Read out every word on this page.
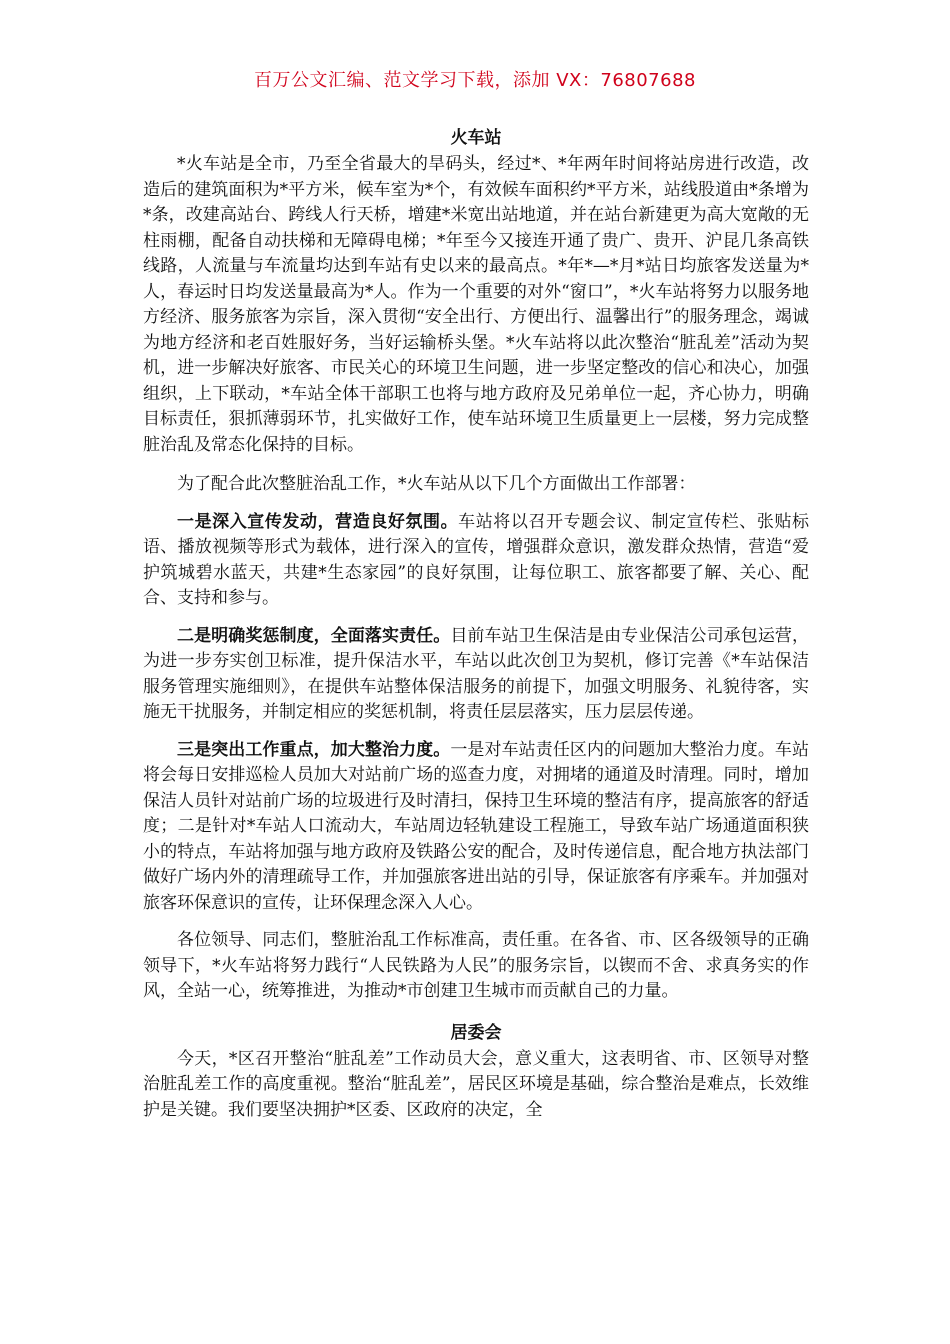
百万公文汇编、范文学习下载，添加 VX：76807688
火车站

*火车站是全市，乃至全省最大的旱码头，经过*、*年两年时间将站房进行改造，改造后的建筑面积为*平方米，候车室为*个，有效候车面积约*平方米，站线股道由*条增为*条，改建高站台、跨线人行天桥，增建*米宽出站地道，并在站台新建更为高大宽敞的无柱雨棚，配备自动扶梯和无障碍电梯；*年至今又接连开通了贵广、贵开、沪昆几条高铁线路，人流量与车流量均达到车站有史以来的最高点。*年*—*月*站日均旅客发送量为*人，春运时日均发送量最高为*人。作为一个重要的对外“窗口”，*火车站将努力以服务地方经济、服务旅客为宗旨，深入贯彻“安全出行、方便出行、温馨出行”的服务理念，竭诚为地方经济和老百姓服好务，当好运输桥头堡。*火车站将以此次整治“脏乱差”活动为契机，进一步解决好旅客、市民关心的环境卫生问题，进一步坚定整改的信心和决心，加强组织，上下联动，*车站全体干部职工也将与地方政府及兄弟单位一起，齐心协力，明确目标责任，狠抓薄弱环节，扎实做好工作，使车站环境卫生质量更上一层楼，努力完成整脏治乱及常态化保持的目标。

为了配合此次整脏治乱工作，*火车站从以下几个方面做出工作部署：

一是深入宣传发动，营造良好氛围。车站将以召开专题会议、制定宣传栏、张贴标语、播放视频等形式为载体，进行深入的宣传，增强群众意识，激发群众热情，营造“爱护筑城碧水蓝天，共建*生态家园”的良好氛围，让每位职工、旅客都要了解、关心、配合、支持和参与。

二是明确奖惩制度，全面落实责任。目前车站卫生保洁是由专业保洁公司承包运营，为进一步夯实创卫标准，提升保洁水平，车站以此次创卫为契机，修订完善《*车站保洁服务管理实施细则》，在提供车站整体保洁服务的前提下，加强文明服务、礼貌待客，实施无干扰服务，并制定相应的奖惩机制，将责任层层落实，压力层层传递。

三是突出工作重点，加大整治力度。一是对车站责任区内的问题加大整治力度。车站将会每日安排巡检人员加大对站前广场的巡查力度，对拥堵的通道及时清理。同时，增加保洁人员针对站前广场的垃圾进行及时清扫，保持卫生环境的整洁有序，提高旅客的舒适度；二是针对*车站人口流动大，车站周边轻轨建设工程施工，导致车站广场通道面积狭小的特点，车站将加强与地方政府及铁路公安的配合，及时传递信息，配合地方执法部门做好广场内外的清理疏导工作，并加强旅客进出站的引导，保证旅客有序乘车。并加强对旅客环保意识的宣传，让环保理念深入人心。

各位领导、同志们，整脏治乱工作标准高，责任重。在各省、市、区各级领导的正确领导下，*火车站将努力践行“人民铁路为人民”的服务宗旨，以锲而不舍、求真务实的作风，全站一心，统筹推进，为推动*市创建卫生城市而贡献自己的力量。

居委会

今天，*区召开整治“脏乱差”工作动员大会，意义重大，这表明省、市、区领导对整治脏乱差工作的高度重视。整治“脏乱差”，居民区环境是基础，综合整治是难点，长效维护是关键。我们要坚决拥护*区委、区政府的决定，全
